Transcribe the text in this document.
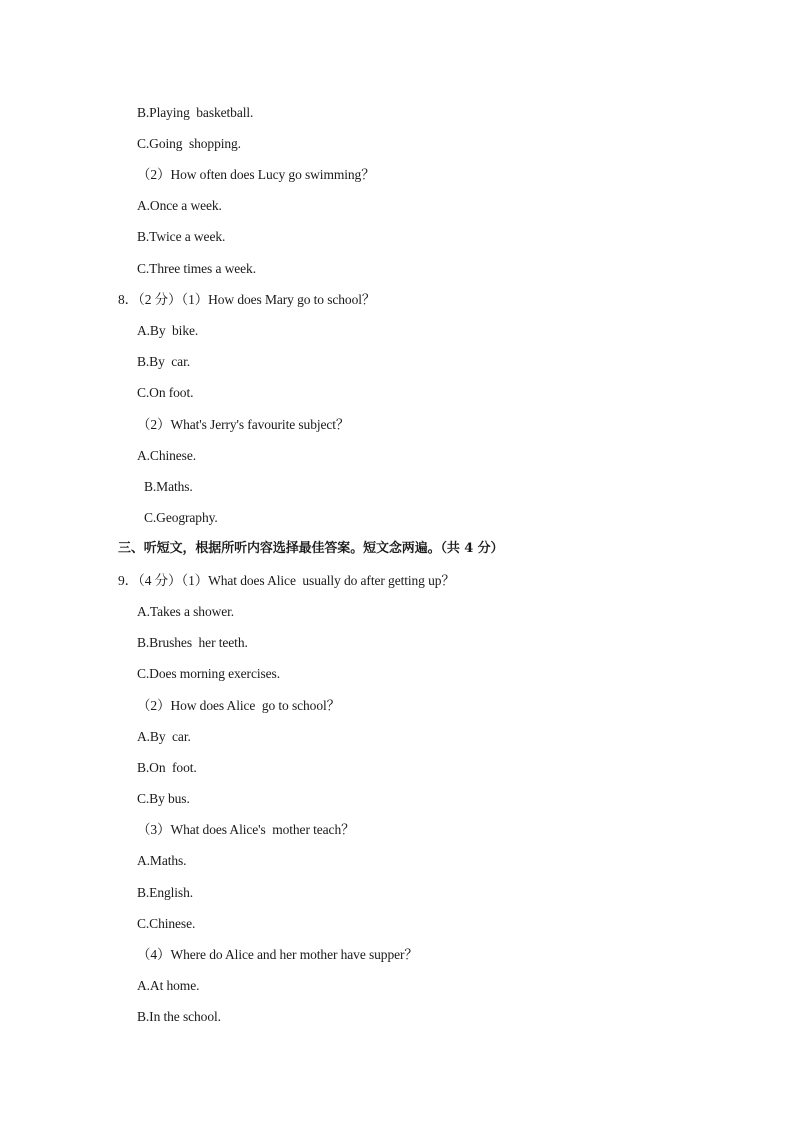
B.Playing  basketball.
C.Going  shopping.
（2）How often does Lucy go swimming？
A.Once a week.
B.Twice a week.
C.Three times a week.
8．（2 分）（1）How does Mary go to school？
A.By  bike.
B.By  car.
C.On foot.
（2）What's Jerry's favourite subject？
A.Chinese.
B.Maths.
C.Geography.
三、听短文，根据所听内容选择最佳答案。短文念两遍。（共 4 分）
9．（4 分）（1）What does Alice  usually do after getting up？
A.Takes a shower.
B.Brushes  her teeth.
C.Does morning exercises.
（2）How does Alice  go to school？
A.By  car.
B.On  foot.
C.By bus.
（3）What does Alice's  mother teach？
A.Maths.
B.English.
C.Chinese.
（4）Where do Alice and her mother have supper？
A.At home.
B.In the school.
